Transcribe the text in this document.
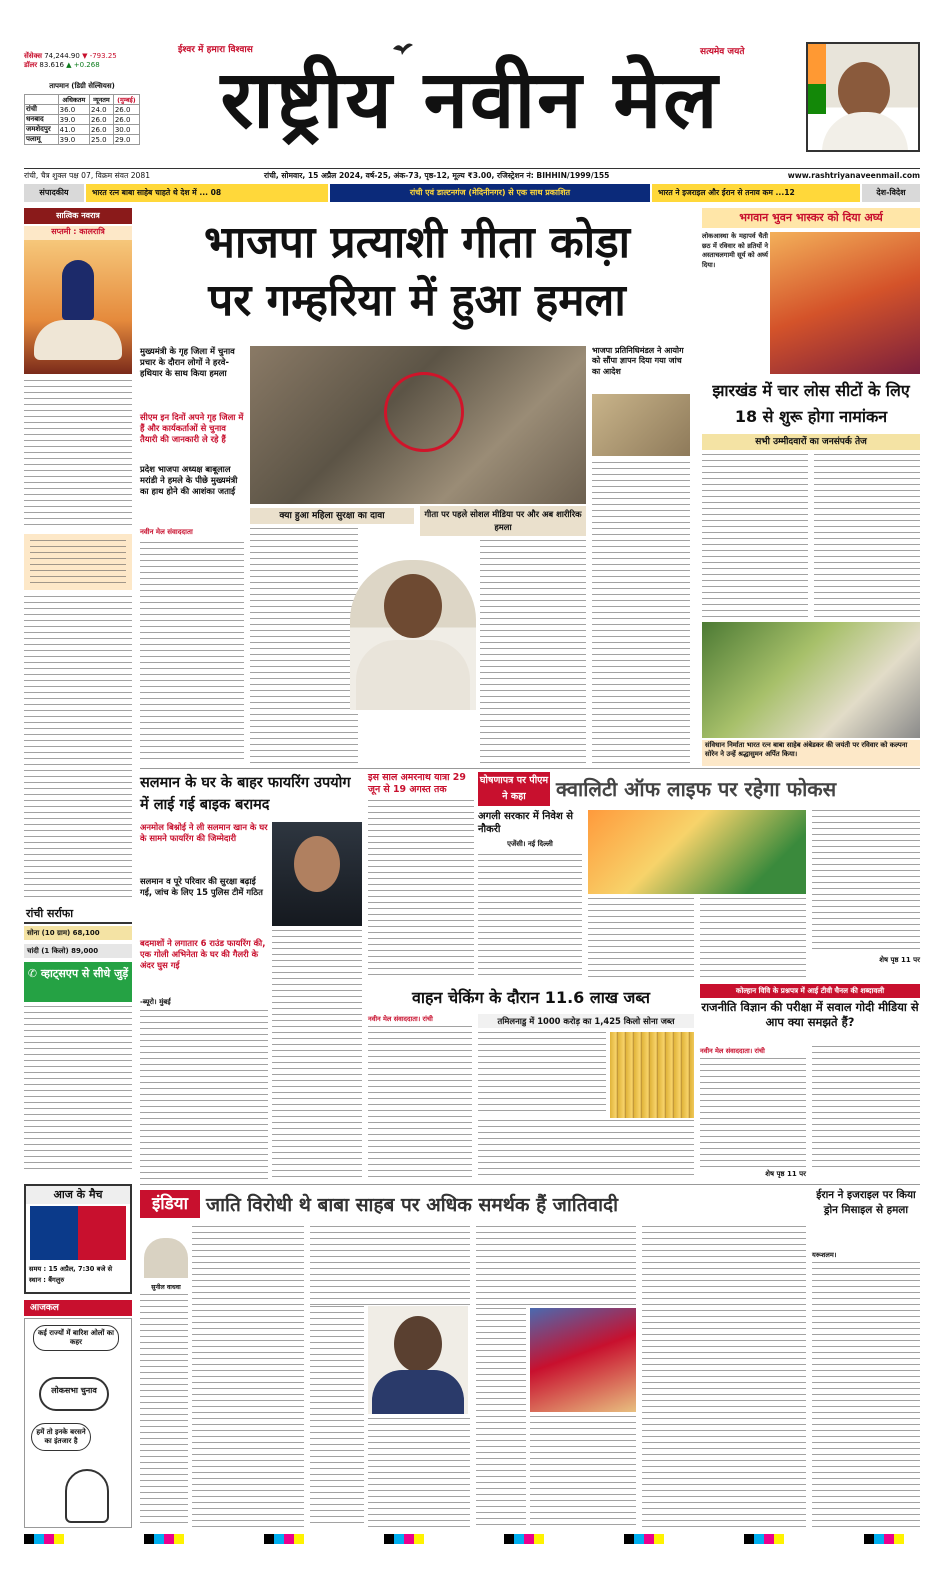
सेंसेक्स 74,244.90 ▼ -793.25
डॉलर 83.616 ▲ +0.268
तापमान (डिग्री सेल्सियस)
	अधिकतम	न्यूनतम	(मुम्बई)
रांची	36.0	24.0	26.0
धनबाद	39.0	26.0	26.0
जमशेदपुर	41.0	26.0	30.0
पलामू	39.0	25.0	29.0
ईश्वर में हमारा विश्वास	सत्यमेव जयते
राष्ट्रीय नवीन मेल
रांची, चैत्र शुक्ल पक्ष 07, विक्रम संवत 2081	रांची, सोमवार, 15 अप्रैल 2024, वर्ष-25, अंक-73, पृष्ठ-12, मूल्य ₹3.00, रजिस्ट्रेशन नं: BIHHIN/1999/155	www.rashtriyanaveenmail.com
संपादकीय	भारत रत्न बाबा साहेब चाहते थे देश में ... 08	रांची एवं डाल्टनगंज (मेदिनीनगर) से एक साथ प्रकाशित	भारत ने इजराइल और ईरान से तनाव कम ...12	देश-विदेश
सात्विक नवरात्र
सप्तमी : कालरात्रि
रांची सर्राफा
सोना (10 ग्राम) 68,100
चांदी (1 किलो) 89,000
✆ व्हाट्सएप से सीधे जुड़ें
आज के मैच
समय : 15 अप्रैल, 7:30 बजे से
स्थान : बैंगलुरु
आजकल
कई राज्यों में बारिश ओलों का कहर
लोकसभा चुनाव
हमें तो इनके बरसने का इंतजार है
भाजपा प्रत्याशी गीता कोड़ा
पर गम्हरिया में हुआ हमला
मुख्यमंत्री के गृह जिला में चुनाव प्रचार के दौरान लोगों ने हरवे-हथियार के साथ किया हमला
सीएम इन दिनों अपने गृह जिला में हैं और कार्यकर्ताओं से चुनाव तैयारी की जानकारी ले रहे हैं
प्रदेश भाजपा अध्यक्ष बाबूलाल मरांडी ने हमले के पीछे मुख्यमंत्री का हाथ होने की आशंका जताई
नवीन मेल संवाददाता
क्या हुआ महिला सुरक्षा का दावा	गीता पर पहले सोशल मीडिया पर और अब शारीरिक हमला
भाजपा प्रतिनिधिमंडल ने आयोग को सौंपा ज्ञापन दिया गया जांच का आदेश
भगवान भुवन भास्कर को दिया अर्घ्य
लोकआस्था के महापर्व चैती छठ में रविवार को व्रतियों ने अस्ताचलगामी सूर्य को अर्घ्य दिया।
झारखंड में चार लोस सीटों के लिए 18 से शुरू होगा नामांकन
सभी उम्मीदवारों का जनसंपर्क तेज
संविधान निर्माता भारत रत्न बाबा साहेब अंबेडकर की जयंती पर रविवार को कल्पना सोरेन ने उन्हें श्रद्धासुमन अर्पित किया।
सलमान के घर के बाहर फायरिंग उपयोग में लाई गई बाइक बरामद
अनमोल बिश्नोई ने ली सलमान खान के घर के सामने फायरिंग की जिम्मेदारी
सलमान व पूरे परिवार की सुरक्षा बढ़ाई गई, जांच के लिए 15 पुलिस टीमें गठित
बदमाशों ने लगातार 6 राउंड फायरिंग की, एक गोली अभिनेता के घर की गैलरी के अंदर घुस गई
-ब्यूरो। मुंबई
इस साल अमरनाथ यात्रा 29 जून से 19 अगस्त तक
घोषणापत्र पर पीएम ने कहा	क्वालिटी ऑफ लाइफ पर रहेगा फोकस
अगली सरकार में निवेश से नौकरी
एजेंसी। नई दिल्ली
शेष पृष्ठ 11 पर
वाहन चेकिंग के दौरान 11.6 लाख जब्त
नवीन मेल संवाददाता। रांची	तमिलनाडु में 1000 करोड़ का 1,425 किलो सोना जब्त
कोल्हान विवि के प्रश्नपत्र में आई टीवी चैनल की शब्दावली
राजनीति विज्ञान की परीक्षा में सवाल गोदी मीडिया से आप क्या समझते हैं?
नवीन मेल संवाददाता। रांची
शेष पृष्ठ 11 पर
इंडिया जाति विरोधी थे बाबा साहब पर अधिक समर्थक हैं जातिवादी
सुनील वाधवा
ईरान ने इजराइल पर किया ड्रोन मिसाइल से हमला
यरूशलम।
